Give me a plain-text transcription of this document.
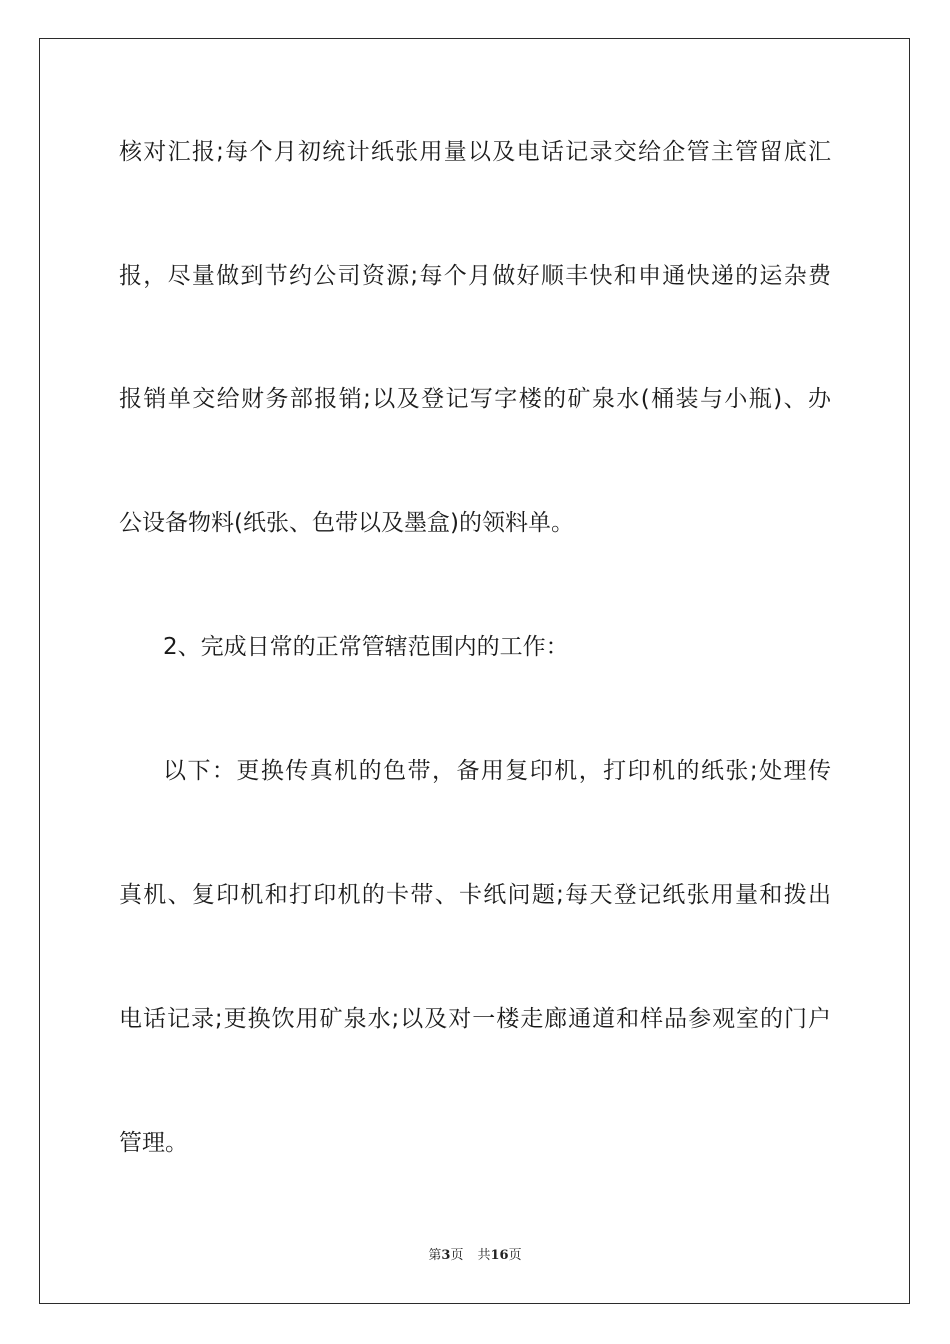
核对汇报;每个月初统计纸张用量以及电话记录交给企管主管留底汇
报，尽量做到节约公司资源;每个月做好顺丰快和申通快递的运杂费
报销单交给财务部报销;以及登记写字楼的矿泉水(桶装与小瓶)、办
公设备物料(纸张、色带以及墨盒)的领料单。
2、完成日常的正常管辖范围内的工作：
以下：更换传真机的色带，备用复印机，打印机的纸张;处理传
真机、复印机和打印机的卡带、卡纸问题;每天登记纸张用量和拨出
电话记录;更换饮用矿泉水;以及对一楼走廊通道和样品参观室的门户
管理。
第3页 共16页
